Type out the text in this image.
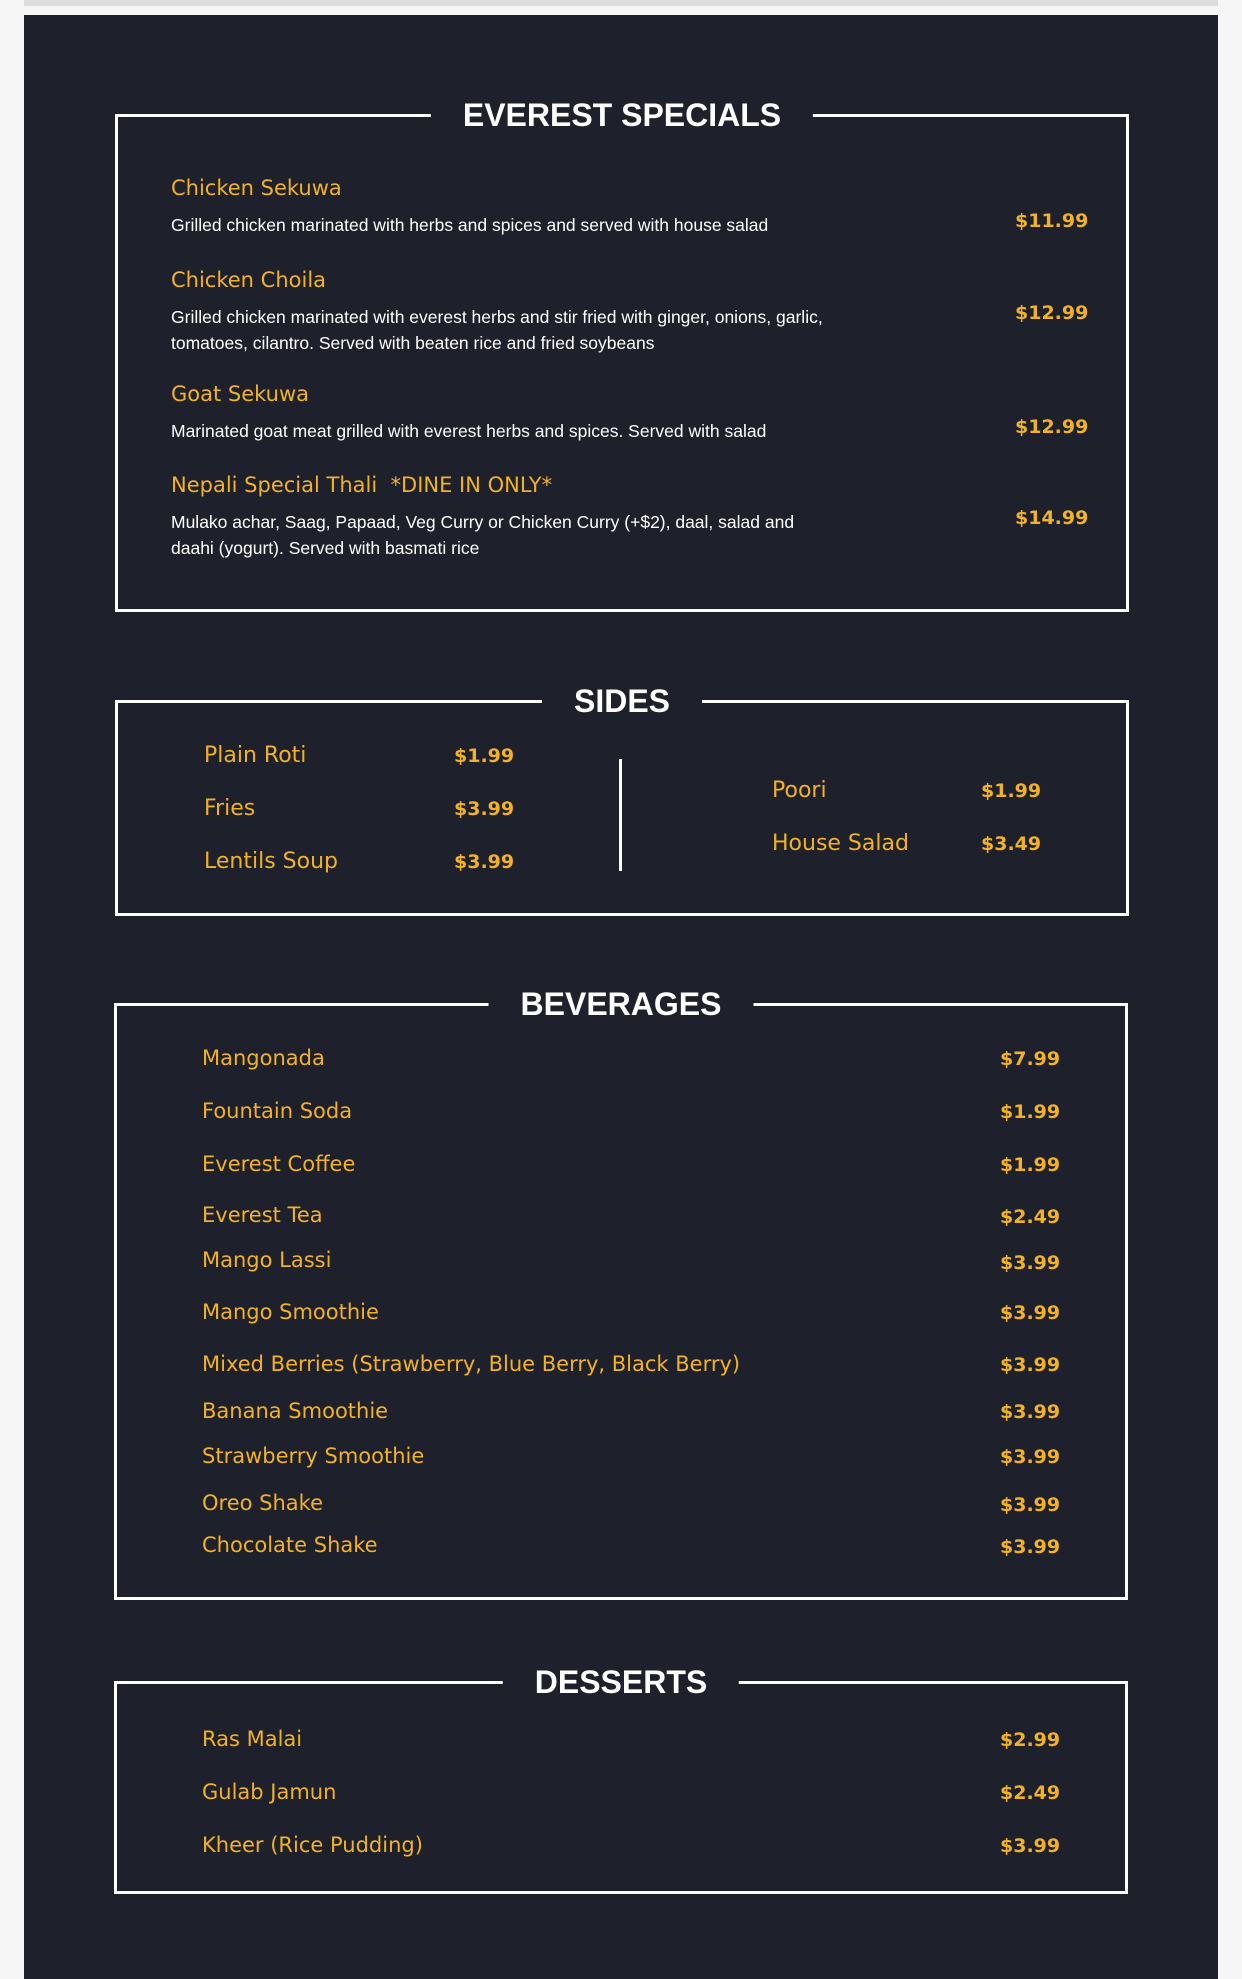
EVEREST SPECIALS
Chicken Sekuwa
Grilled chicken marinated with herbs and spices and served with house salad	$11.99
Chicken Choila
Grilled chicken marinated with everest herbs and stir fried with ginger, onions, garlic, tomatoes, cilantro. Served with beaten rice and fried soybeans
$12.99
Goat Sekuwa
Marinated goat meat grilled with everest herbs and spices. Served with salad	$12.99
Nepali Special Thali  *DINE IN ONLY*
Mulako achar, Saag, Papaad, Veg Curry or Chicken Curry (+$2), daal, salad and daahi (yogurt). Served with basmati rice
$14.99
SIDES
Plain Roti	$1.99
Fries	$3.99
Lentils Soup	$3.99
Poori	$1.99
House Salad	$3.49
BEVERAGES
Mangonada	$7.99
Fountain Soda	$1.99
Everest Coffee	$1.99
Everest Tea	$2.49
Mango Lassi	$3.99
Mango Smoothie	$3.99
Mixed Berries (Strawberry, Blue Berry, Black Berry)	$3.99
Banana Smoothie	$3.99
Strawberry Smoothie	$3.99
Oreo Shake	$3.99
Chocolate Shake	$3.99
DESSERTS
Ras Malai	$2.99
Gulab Jamun	$2.49
Kheer (Rice Pudding)	$3.99
